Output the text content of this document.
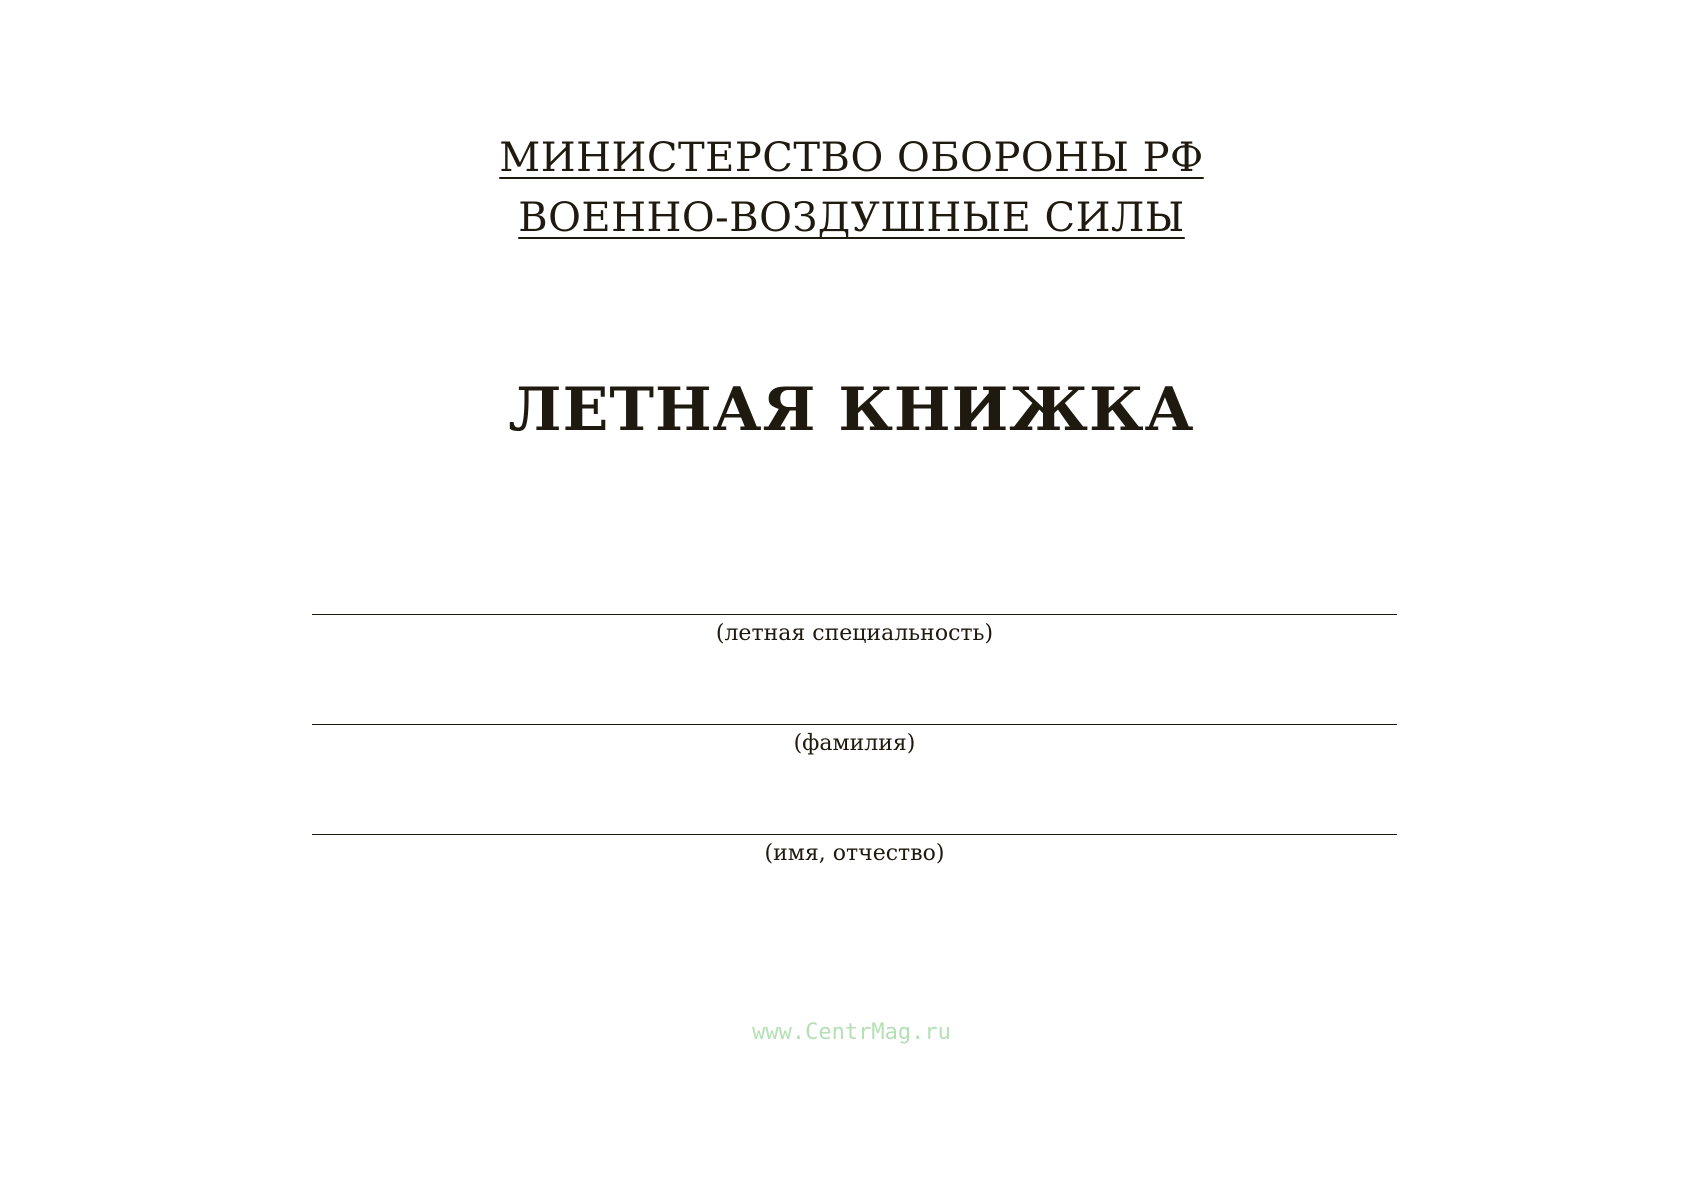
МИНИСТЕРСТВО ОБОРОНЫ РФ
ВОЕННО-ВОЗДУШНЫЕ СИЛЫ
ЛЕТНАЯ КНИЖКА
(летная специальность)
(фамилия)
(имя, отчество)
www.CentrMag.ru
